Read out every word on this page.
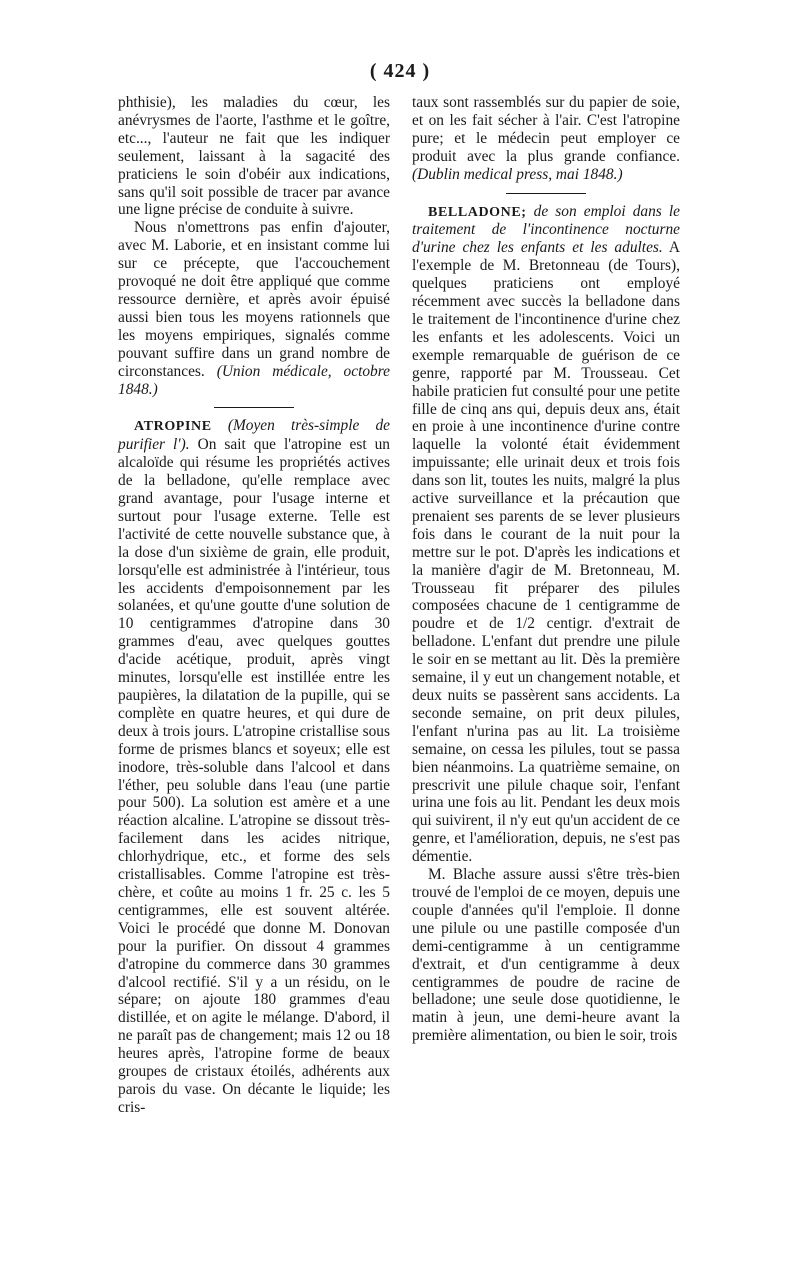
( 424 )

phthisie), les maladies du cœur, les anévrysmes de l'aorte, l'asthme et le goître, etc..., l'auteur ne fait que les indiquer seulement, laissant à la sagacité des praticiens le soin d'obéir aux indications, sans qu'il soit possible de tracer par avance une ligne précise de conduite à suivre.

Nous n'omettrons pas enfin d'ajouter, avec M. Laborie, et en insistant comme lui sur ce précepte, que l'accouchement provoqué ne doit être appliqué que comme ressource dernière, et après avoir épuisé aussi bien tous les moyens rationnels que les moyens empiriques, signalés comme pouvant suffire dans un grand nombre de circonstances. (Union médicale, octobre 1848.)

ATROPINE (Moyen très-simple de purifier l'). On sait que l'atropine est un alcaloïde qui résume les propriétés actives de la belladone, qu'elle remplace avec grand avantage, pour l'usage interne et surtout pour l'usage externe. Telle est l'activité de cette nouvelle substance que, à la dose d'un sixième de grain, elle produit, lorsqu'elle est administrée à l'intérieur, tous les accidents d'empoisonnement par les solanées, et qu'une goutte d'une solution de 10 centigrammes d'atropine dans 30 grammes d'eau, avec quelques gouttes d'acide acétique, produit, après vingt minutes, lorsqu'elle est instillée entre les paupières, la dilatation de la pupille, qui se complète en quatre heures, et qui dure de deux à trois jours. L'atropine cristallise sous forme de prismes blancs et soyeux; elle est inodore, très-soluble dans l'alcool et dans l'éther, peu soluble dans l'eau (une partie pour 500). La solution est amère et a une réaction alcaline. L'atropine se dissout très-facilement dans les acides nitrique, chlorhydrique, etc., et forme des sels cristallisables. Comme l'atropine est très-chère, et coûte au moins 1 fr. 25 c. les 5 centigrammes, elle est souvent altérée. Voici le procédé que donne M. Donovan pour la purifier. On dissout 4 grammes d'atropine du commerce dans 30 grammes d'alcool rectifié. S'il y a un résidu, on le sépare; on ajoute 180 grammes d'eau distillée, et on agite le mélange. D'abord, il ne paraît pas de changement; mais 12 ou 18 heures après, l'atropine forme de beaux groupes de cristaux étoilés, adhérents aux parois du vase. On décante le liquide; les cris-

taux sont rassemblés sur du papier de soie, et on les fait sécher à l'air. C'est l'atropine pure; et le médecin peut employer ce produit avec la plus grande confiance. (Dublin medical press, mai 1848.)

BELLADONE; de son emploi dans le traitement de l'incontinence nocturne d'urine chez les enfants et les adultes. A l'exemple de M. Bretonneau (de Tours), quelques praticiens ont employé récemment avec succès la belladone dans le traitement de l'incontinence d'urine chez les enfants et les adolescents. Voici un exemple remarquable de guérison de ce genre, rapporté par M. Trousseau. Cet habile praticien fut consulté pour une petite fille de cinq ans qui, depuis deux ans, était en proie à une incontinence d'urine contre laquelle la volonté était évidemment impuissante; elle urinait deux et trois fois dans son lit, toutes les nuits, malgré la plus active surveillance et la précaution que prenaient ses parents de se lever plusieurs fois dans le courant de la nuit pour la mettre sur le pot. D'après les indications et la manière d'agir de M. Bretonneau, M. Trousseau fit préparer des pilules composées chacune de 1 centigramme de poudre et de 1/2 centigr. d'extrait de belladone. L'enfant dut prendre une pilule le soir en se mettant au lit. Dès la première semaine, il y eut un changement notable, et deux nuits se passèrent sans accidents. La seconde semaine, on prit deux pilules, l'enfant n'urina pas au lit. La troisième semaine, on cessa les pilules, tout se passa bien néanmoins. La quatrième semaine, on prescrivit une pilule chaque soir, l'enfant urina une fois au lit. Pendant les deux mois qui suivirent, il n'y eut qu'un accident de ce genre, et l'amélioration, depuis, ne s'est pas démentie.

M. Blache assure aussi s'être très-bien trouvé de l'emploi de ce moyen, depuis une couple d'années qu'il l'emploie. Il donne une pilule ou une pastille composée d'un demi-centigramme à un centigramme d'extrait, et d'un centigramme à deux centigrammes de poudre de racine de belladone; une seule dose quotidienne, le matin à jeun, une demi-heure avant la première alimentation, ou bien le soir, trois
